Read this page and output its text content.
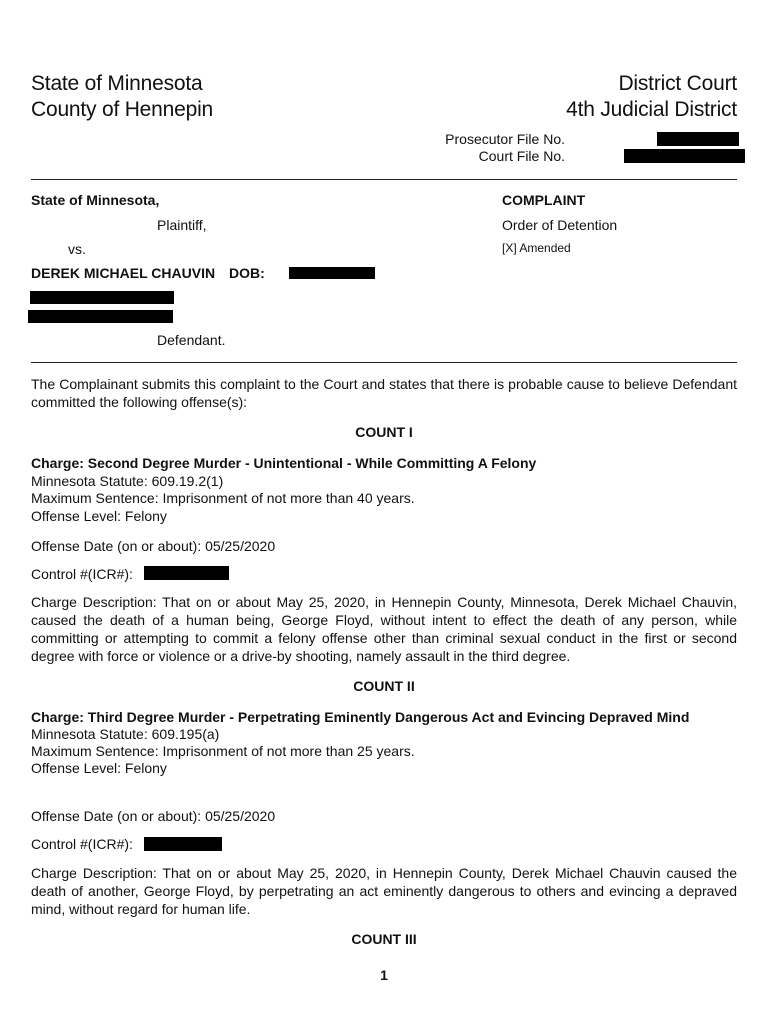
State of Minnesota
County of Hennepin
District Court
4th Judicial District
Prosecutor File No.
Court File No.
State of Minnesota,
Plaintiff,
vs.
DEREK MICHAEL CHAUVIN DOB:
Defendant.
COMPLAINT
Order of Detention
[X] Amended
The Complainant submits this complaint to the Court and states that there is probable cause to believe Defendant committed the following offense(s):
COUNT I
Charge: Second Degree Murder - Unintentional - While Committing A Felony
Minnesota Statute: 609.19.2(1)
Maximum Sentence: Imprisonment of not more than 40 years.
Offense Level: Felony
Offense Date (on or about): 05/25/2020
Control #(ICR#):
Charge Description: That on or about May 25, 2020, in Hennepin County, Minnesota, Derek Michael Chauvin, caused the death of a human being, George Floyd, without intent to effect the death of any person, while committing or attempting to commit a felony offense other than criminal sexual conduct in the first or second degree with force or violence or a drive-by shooting, namely assault in the third degree.
COUNT II
Charge: Third Degree Murder - Perpetrating Eminently Dangerous Act and Evincing Depraved Mind
Minnesota Statute: 609.195(a)
Maximum Sentence: Imprisonment of not more than 25 years.
Offense Level: Felony
Offense Date (on or about): 05/25/2020
Control #(ICR#):
Charge Description: That on or about May 25, 2020, in Hennepin County, Derek Michael Chauvin caused the death of another, George Floyd, by perpetrating an act eminently dangerous to others and evincing a depraved mind, without regard for human life.
COUNT III
1
